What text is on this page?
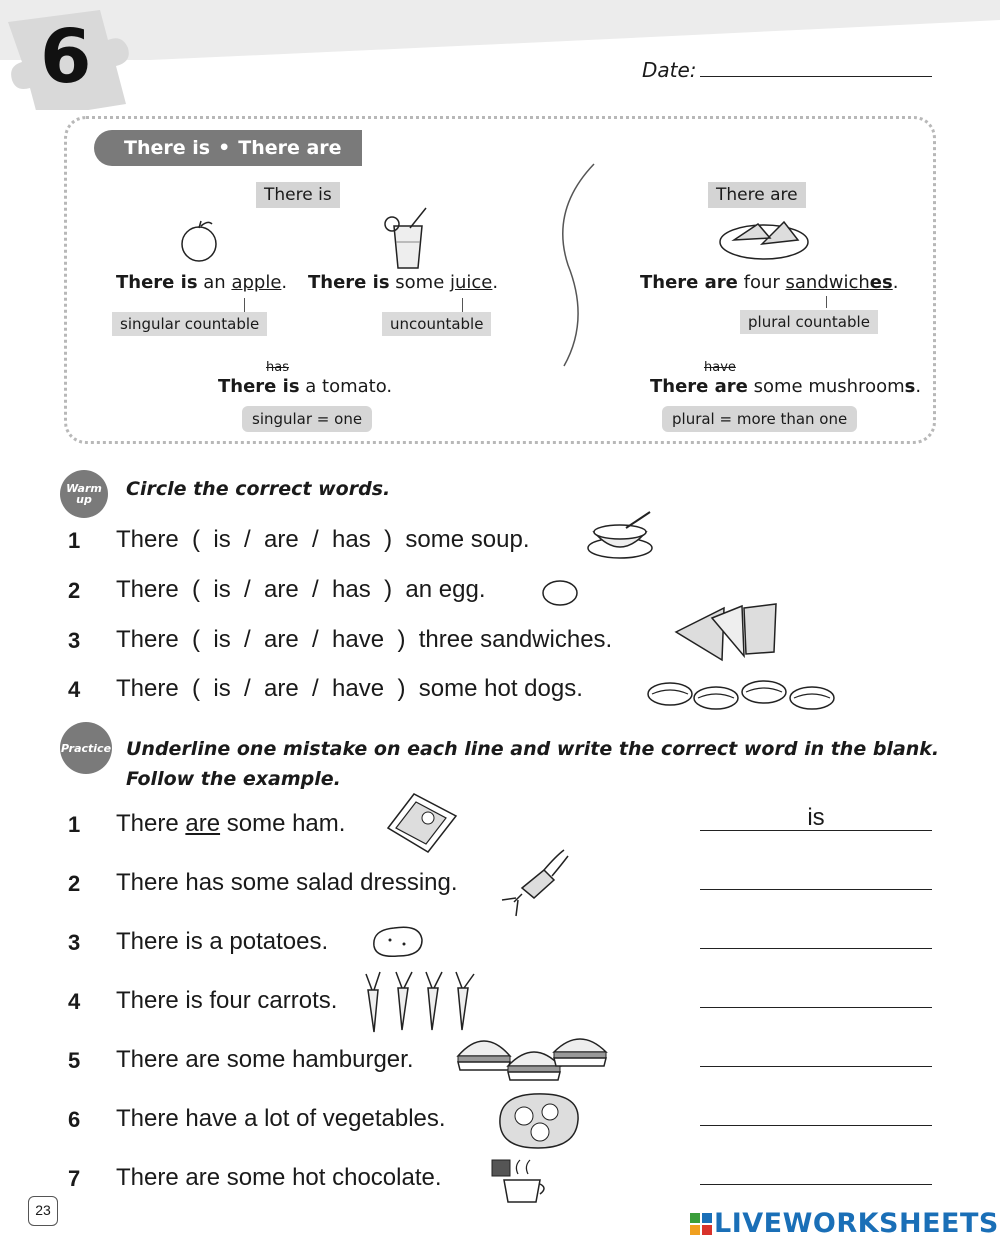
6	Date:
There is • There are
There is	There are
There is an apple. There is some juice.	There are four sandwiches.
singular countable	uncountable	plural countable
has
There is a tomato.
have
There are some mushrooms.
singular = one	plural = more than one
Warm up	Circle the correct words.
1 There  (  is  /  are  /  has  )  some soup.
2 There  (  is  /  are  /  has  )  an egg.
3 There  (  is  /  are  /  have  )  three sandwiches.
4 There  (  is  /  are  /  have  )  some hot dogs.
Practice Underline one mistake on each line and write the correct word in the blank.
Follow the example.
1 There are some ham.	is
2 There has some salad dressing.
3 There is a potatoes.
4 There is four carrots.
5 There are some hamburger.
6 There have a lot of vegetables.
7 There are some hot chocolate.
23	LIVEWORKSHEETS
